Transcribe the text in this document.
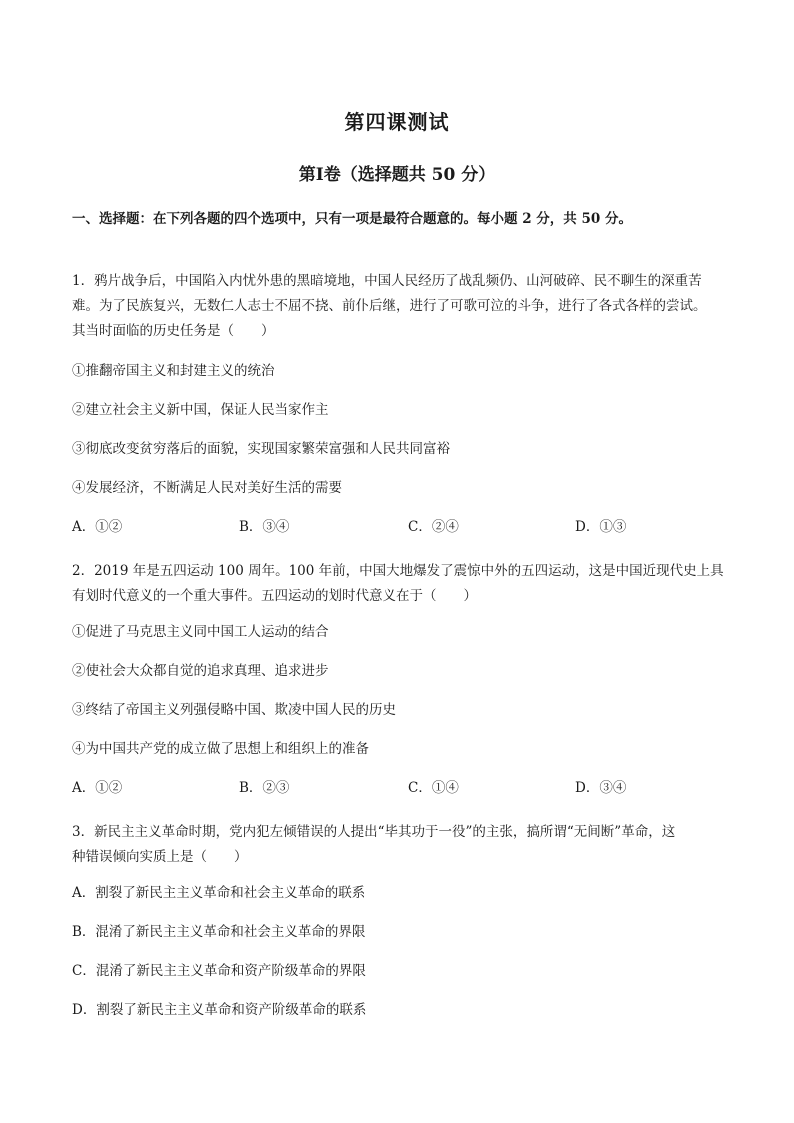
第四课测试
第Ⅰ卷（选择题共 50 分）
一、选择题：在下列各题的四个选项中，只有一项是最符合题意的。每小题 2 分，共 50 分。
1．鸦片战争后，中国陷入内忧外患的黑暗境地，中国人民经历了战乱频仍、山河破碎、民不聊生的深重苦
难。为了民族复兴，无数仁人志士不屈不挠、前仆后继，进行了可歌可泣的斗争，进行了各式各样的尝试。
其当时面临的历史任务是（　　）
①推翻帝国主义和封建主义的统治
②建立社会主义新中国，保证人民当家作主
③彻底改变贫穷落后的面貌，实现国家繁荣富强和人民共同富裕
④发展经济，不断满足人民对美好生活的需要
A．①②	B．③④	C．②④	D．①③
2．2019 年是五四运动 100 周年。100 年前，中国大地爆发了震惊中外的五四运动，这是中国近现代史上具
有划时代意义的一个重大事件。五四运动的划时代意义在于（　　）
①促进了马克思主义同中国工人运动的结合
②使社会大众都自觉的追求真理、追求进步
③终结了帝国主义列强侵略中国、欺凌中国人民的历史
④为中国共产党的成立做了思想上和组织上的准备
A．①②	B．②③	C．①④	D．③④
3．新民主主义革命时期，党内犯左倾错误的人提出“毕其功于一役”的主张，搞所谓“无间断”革命，这
种错误倾向实质上是（　　）
A．割裂了新民主主义革命和社会主义革命的联系
B．混淆了新民主主义革命和社会主义革命的界限
C．混淆了新民主主义革命和资产阶级革命的界限
D．割裂了新民主主义革命和资产阶级革命的联系
